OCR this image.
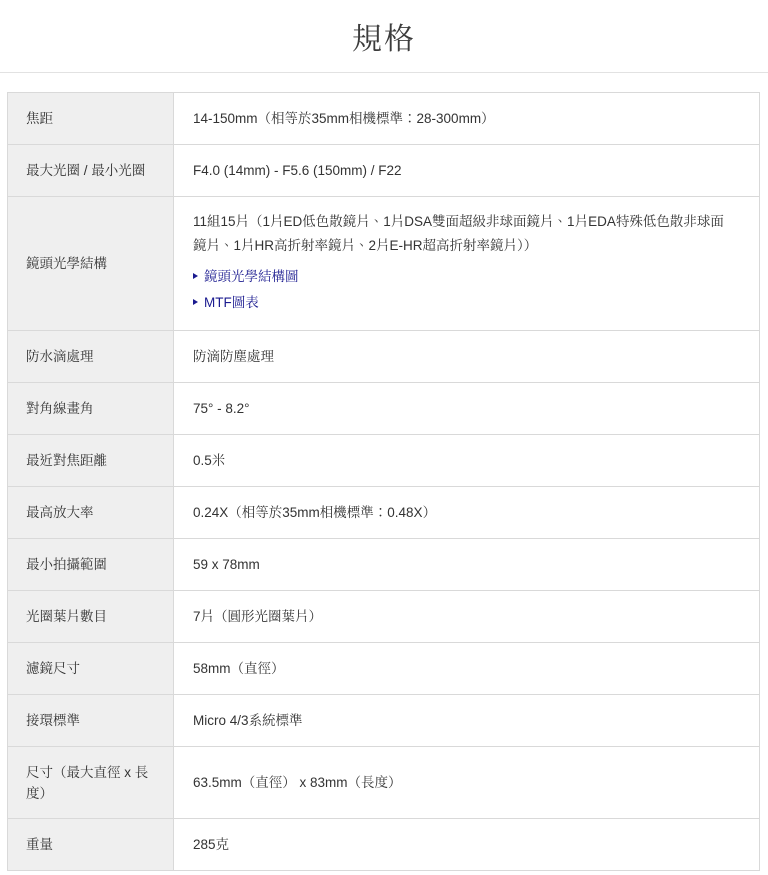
規格
焦距	14-150mm（相等於35mm相機標準：28-300mm）
最大光圈 / 最小光圈	F4.0 (14mm) - F5.6 (150mm) / F22
鏡頭光學結構	11組15片（1片ED低色散鏡片、1片DSA雙面超級非球面鏡片、1片EDA特殊低色散非球面鏡片、1片HR高折射率鏡片、2片E-HR超高折射率鏡片））

鏡頭光學結構圖
MTF圖表

防水滴處理	防滴防塵處理
對角線畫角	75° - 8.2°
最近對焦距離	0.5米
最高放大率	0.24X（相等於35mm相機標準：0.48X）
最小拍攝範圍	59 x 78mm
光圈葉片數目	7片（圓形光圈葉片）
濾鏡尺寸	58mm（直徑）
接環標準	Micro 4/3系統標準
尺寸（最大直徑 x 長度）	63.5mm（直徑） x 83mm（長度）
重量	285克
